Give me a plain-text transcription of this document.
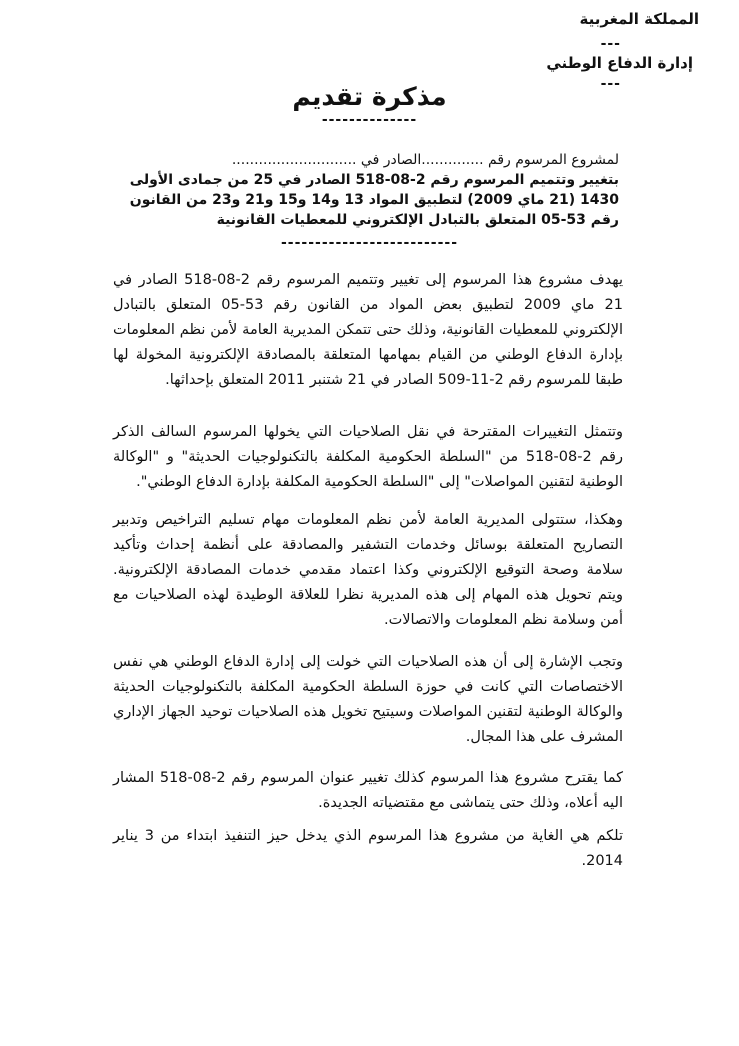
المملكة المغربية
---
إدارة الدفاع الوطني
---
مذكرة تقديم
--------------
لمشروع المرسوم رقم ..............الصادر في ............................
بتغيير وتتميم المرسوم رقم 2-08-518 الصادر في 25 من جمادى الأولى 1430 (21 ماي 2009) لتطبيق المواد 13 و14 و15 و21 و23 من القانون رقم 53-05 المتعلق بالتبادل الإلكتروني للمعطيات القانونية
--------------------------
يهدف مشروع هذا المرسوم إلى تغيير وتتميم المرسوم رقم 2-08-518 الصادر في 21 ماي 2009 لتطبيق بعض المواد من القانون رقم 53-05 المتعلق بالتبادل الإلكتروني للمعطيات القانونية، وذلك حتى تتمكن المديرية العامة لأمن نظم المعلومات بإدارة الدفاع الوطني من القيام بمهامها المتعلقة بالمصادقة الإلكترونية المخولة لها طبقا للمرسوم رقم 2-11-509 الصادر في 21 شتنبر 2011 المتعلق بإحداثها.
وتتمثل التغييرات المقترحة في نقل الصلاحيات التي يخولها المرسوم السالف الذكر رقم 2-08-518 من "السلطة الحكومية المكلفة بالتكنولوجيات الحديثة" و "الوكالة الوطنية لتقنين المواصلات" إلى "السلطة الحكومية المكلفة بإدارة الدفاع الوطني".
وهكذا، ستتولى المديرية العامة لأمن نظم المعلومات مهام تسليم التراخيص وتدبير التصاريح المتعلقة بوسائل وخدمات التشفير والمصادقة على أنظمة إحداث وتأكيد سلامة وصحة التوقيع الإلكتروني وكذا اعتماد مقدمي خدمات المصادقة الإلكترونية. ويتم تحويل هذه المهام إلى هذه المديرية نظرا للعلاقة الوطيدة لهذه الصلاحيات مع أمن وسلامة نظم المعلومات والاتصالات.
وتجب الإشارة إلى أن هذه الصلاحيات التي خولت إلى إدارة الدفاع الوطني هي نفس الاختصاصات التي كانت في حوزة السلطة الحكومية المكلفة بالتكنولوجيات الحديثة والوكالة الوطنية لتقنين المواصلات وسيتيح تخويل هذه الصلاحيات توحيد الجهاز الإداري المشرف على هذا المجال.
كما يقترح مشروع هذا المرسوم كذلك تغيير عنوان المرسوم رقم 2-08-518 المشار اليه أعلاه، وذلك حتى يتماشى مع مقتضياته الجديدة.
تلكم هي الغاية من مشروع هذا المرسوم الذي يدخل حيز التنفيذ ابتداء من 3 يناير 2014.
